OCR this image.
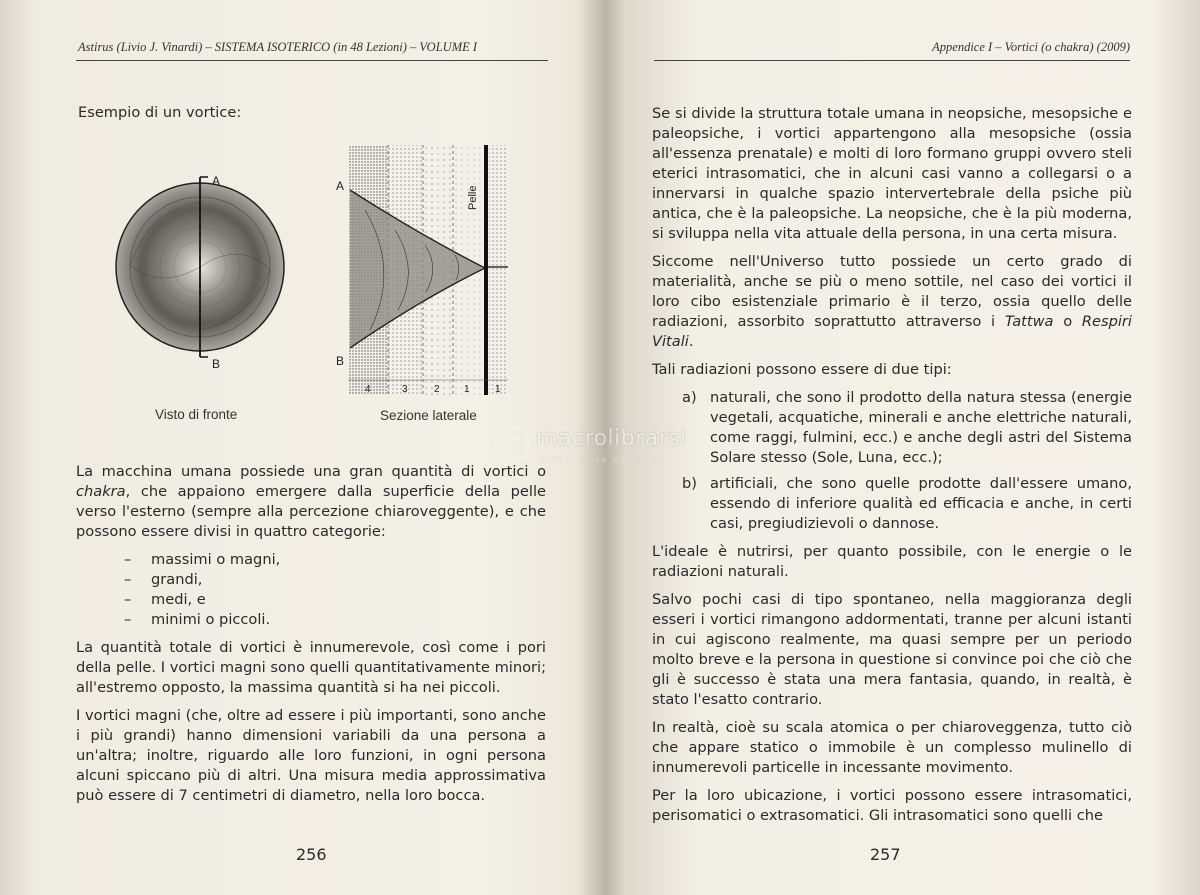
Astirus (Livio J. Vinardi) – SISTEMA ISOTERICO (in 48 Lezioni) – VOLUME I
Esempio di un vortice:
A
B
A
B
Pelle
4	3	2 1	1
Visto di fronte	Sezione laterale

La macchina umana possiede una gran quantità di vortici o chakra, che appaiono emergere dalla superficie della pelle verso l'esterno (sempre alla percezione chiaroveggente), e che possono essere divisi in quattro categorie:

–	massimi o magni,
–	grandi,
–	medi, e
–	minimi o piccoli.

La quantità totale di vortici è innumerevole, così come i pori della pelle. I vortici magni sono quelli quantitativamente minori; all'estremo opposto, la massima quantità si ha nei piccoli.

I vortici magni (che, oltre ad essere i più importanti, sono anche i più grandi) hanno dimensioni variabili da una persona a un'altra; inoltre, riguardo alle loro funzioni, in ogni persona alcuni spiccano più di altri. Una misura media approssimativa può essere di 7 centimetri di diametro, nella loro bocca.

256
Appendice I – Vortici (o chakra) (2009)

Se si divide la struttura totale umana in neopsiche, mesopsiche e paleopsiche, i vortici appartengono alla mesopsiche (ossia all'essenza prenatale) e molti di loro formano gruppi ovvero steli eterici intrasomatici, che in alcuni casi vanno a collegarsi o a innervarsi in qualche spazio intervertebrale della psiche più antica, che è la paleopsiche. La neopsiche, che è la più moderna, si sviluppa nella vita attuale della persona, in una certa misura.

Siccome nell'Universo tutto possiede un certo grado di materialità, anche se più o meno sottile, nel caso dei vortici il loro cibo esistenziale primario è il terzo, ossia quello delle radiazioni, assorbito soprattutto attraverso i Tattwa o Respiri Vitali.

Tali radiazioni possono essere di due tipi:

a) naturali, che sono il prodotto della natura stessa (energie vegetali, acquatiche, minerali e anche elettriche naturali, come raggi, fulmini, ecc.) e anche degli astri del Sistema Solare stesso (Sole, Luna, ecc.);
b) artificiali, che sono quelle prodotte dall'essere umano, essendo di inferiore qualità ed efficacia e anche, in certi casi, pregiudizievoli o dannose.

L'ideale è nutrirsi, per quanto possibile, con le energie o le radiazioni naturali.

Salvo pochi casi di tipo spontaneo, nella maggioranza degli esseri i vortici rimangono addormentati, tranne per alcuni istanti in cui agiscono realmente, ma quasi sempre per un periodo molto breve e la persona in questione si convince poi che ciò che gli è successo è stata una mera fantasia, quando, in realtà, è stato l'esatto contrario.

In realtà, cioè su scala atomica o per chiaroveggenza, tutto ciò che appare statico o immobile è un complesso mulinello di innumerevoli particelle in incessante movimento.

Per la loro ubicazione, i vortici possono essere intrasomatici, perisomatici o extrasomatici. Gli intrasomatici sono quelli che

257
macrolibrarsi
ALTERNATIVA NATURALE
